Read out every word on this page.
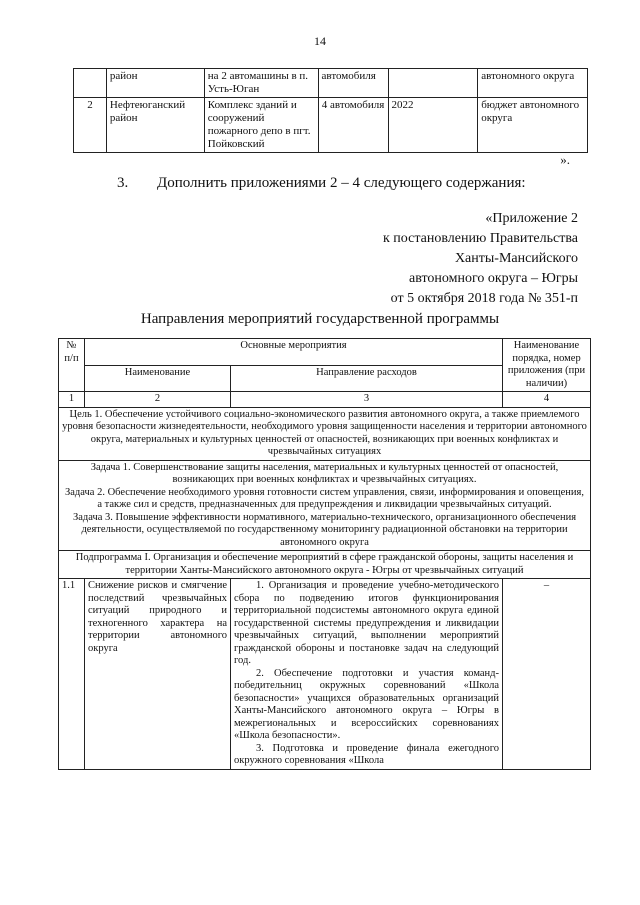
14
	район	на 2 автомашины в п. Усть-Юган	автомобиля		автономного округа
2	Нефтеюганский район	Комплекс зданий и сооружений пожарного депо в пгт. Пойковский	4 автомобиля	2022	бюджет автономного округа
».
3. Дополнить приложениями 2 – 4 следующего содержания:
«Приложение 2
к постановлению Правительства
Ханты-Мансийского
автономного округа – Югры
от 5 октября 2018 года № 351-п
Направления мероприятий государственной программы
№ п/п	Основные мероприятия		Наименование порядка, номер приложения (при наличии)
	Наименование	Направление расходов	
1	2	3	4
Цель 1. Обеспечение устойчивого социально-экономического развития автономного округа, а также приемлемого уровня безопасности жизнедеятельности, необходимого уровня защищенности населения и территории автономного округа, материальных и культурных ценностей от опасностей, возникающих при военных конфликтах и чрезвычайных ситуациях			

Задача 1. Совершенствование защиты населения, материальных и культурных ценностей от опасностей, возникающих при военных конфликтах и чрезвычайных ситуациях.
Задача 2. Обеспечение необходимого уровня готовности систем управления, связи, информирования и оповещения, а также сил и средств, предназначенных для предупреждения и ликвидации чрезвычайных ситуаций.
Задача 3. Повышение эффективности нормативного, материально-технического, организационного обеспечения деятельности, осуществляемой по государственному мониторингу радиационной обстановки на территории автономного округа			

Подпрограмма I. Организация и обеспечение мероприятий в сфере гражданской обороны, защиты населения и территории Ханты-Мансийского автономного округа - Югры от чрезвычайных ситуаций			
1.1	Снижение рисков и смягчение последствий чрезвычайных ситуаций природного и техногенного характера на территории автономного округа	1. Организация и проведение учебно-методического сбора по подведению итогов функционирования территориальной подсистемы автономного округа единой государственной системы предупреждения и ликвидации чрезвычайных ситуаций, выполнении мероприятий гражданской обороны и постановке задач на следующий год.
2. Обеспечение подготовки и участия команд-победительниц окружных соревнований «Школа безопасности» учащихся образовательных организаций Ханты-Мансийского автономного округа – Югры в межрегиональных и всероссийских соревнованиях «Школа безопасности».
3. Подготовка и проведение финала ежегодного окружного соревнования «Школа	–
